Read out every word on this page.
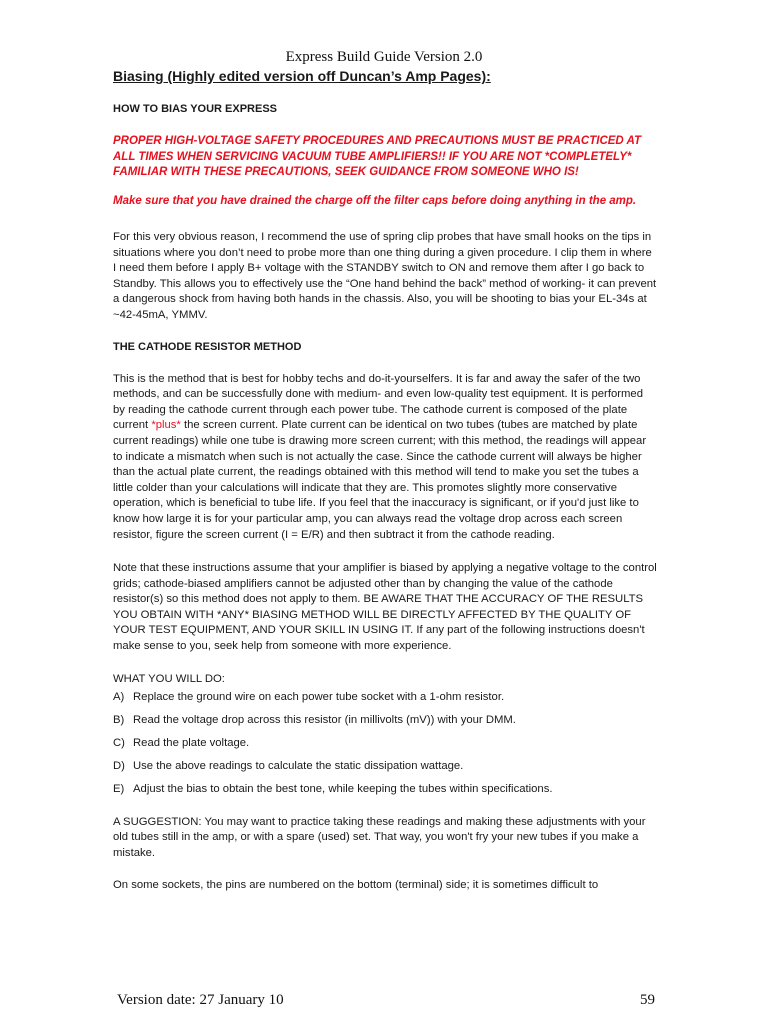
Express Build Guide Version 2.0
Biasing (Highly edited version off Duncan’s Amp Pages):
HOW TO BIAS YOUR EXPRESS

PROPER HIGH-VOLTAGE SAFETY PROCEDURES AND PRECAUTIONS MUST BE PRACTICED AT ALL TIMES WHEN SERVICING VACUUM TUBE AMPLIFIERS!! IF YOU ARE NOT *COMPLETELY* FAMILIAR WITH THESE PRECAUTIONS, SEEK GUIDANCE FROM SOMEONE WHO IS!

Make sure that you have drained the charge off the filter caps before doing anything in the amp.

For this very obvious reason, I recommend the use of spring clip probes that have small hooks on the tips in situations where you don’t need to probe more than one thing during a given procedure. I clip them in where I need them before I apply B+ voltage with the STANDBY switch to ON and remove them after I go back to Standby. This allows you to effectively use the “One hand behind the back” method of working- it can prevent a dangerous shock from having both hands in the chassis. Also, you will be shooting to bias your EL-34s at ~42-45mA, YMMV.

THE CATHODE RESISTOR METHOD

This is the method that is best for hobby techs and do-it-yourselfers. It is far and away the safer of the two methods, and can be successfully done with medium- and even low-quality test equipment. It is performed by reading the cathode current through each power tube. The cathode current is composed of the plate current *plus* the screen current. Plate current can be identical on two tubes (tubes are matched by plate current readings) while one tube is drawing more screen current; with this method, the readings will appear to indicate a mismatch when such is not actually the case. Since the cathode current will always be higher than the actual plate current, the readings obtained with this method will tend to make you set the tubes a little colder than your calculations will indicate that they are. This promotes slightly more conservative operation, which is beneficial to tube life. If you feel that the inaccuracy is significant, or if you'd just like to know how large it is for your particular amp, you can always read the voltage drop across each screen resistor, figure the screen current (I = E/R) and then subtract it from the cathode reading.

Note that these instructions assume that your amplifier is biased by applying a negative voltage to the control grids; cathode-biased amplifiers cannot be adjusted other than by changing the value of the cathode resistor(s) so this method does not apply to them. BE AWARE THAT THE ACCURACY OF THE RESULTS YOU OBTAIN WITH *ANY* BIASING METHOD WILL BE DIRECTLY AFFECTED BY THE QUALITY OF YOUR TEST EQUIPMENT, AND YOUR SKILL IN USING IT. If any part of the following instructions doesn't make sense to you, seek help from someone with more experience.

WHAT YOU WILL DO:

A) Replace the ground wire on each power tube socket with a 1-ohm resistor.
B) Read the voltage drop across this resistor (in millivolts (mV)) with your DMM.
C) Read the plate voltage.
D) Use the above readings to calculate the static dissipation wattage.
E) Adjust the bias to obtain the best tone, while keeping the tubes within specifications.

A SUGGESTION: You may want to practice taking these readings and making these adjustments with your old tubes still in the amp, or with a spare (used) set. That way, you won't fry your new tubes if you make a mistake.

On some sockets, the pins are numbered on the bottom (terminal) side; it is sometimes difficult to

Version date: 27 January 10	59
